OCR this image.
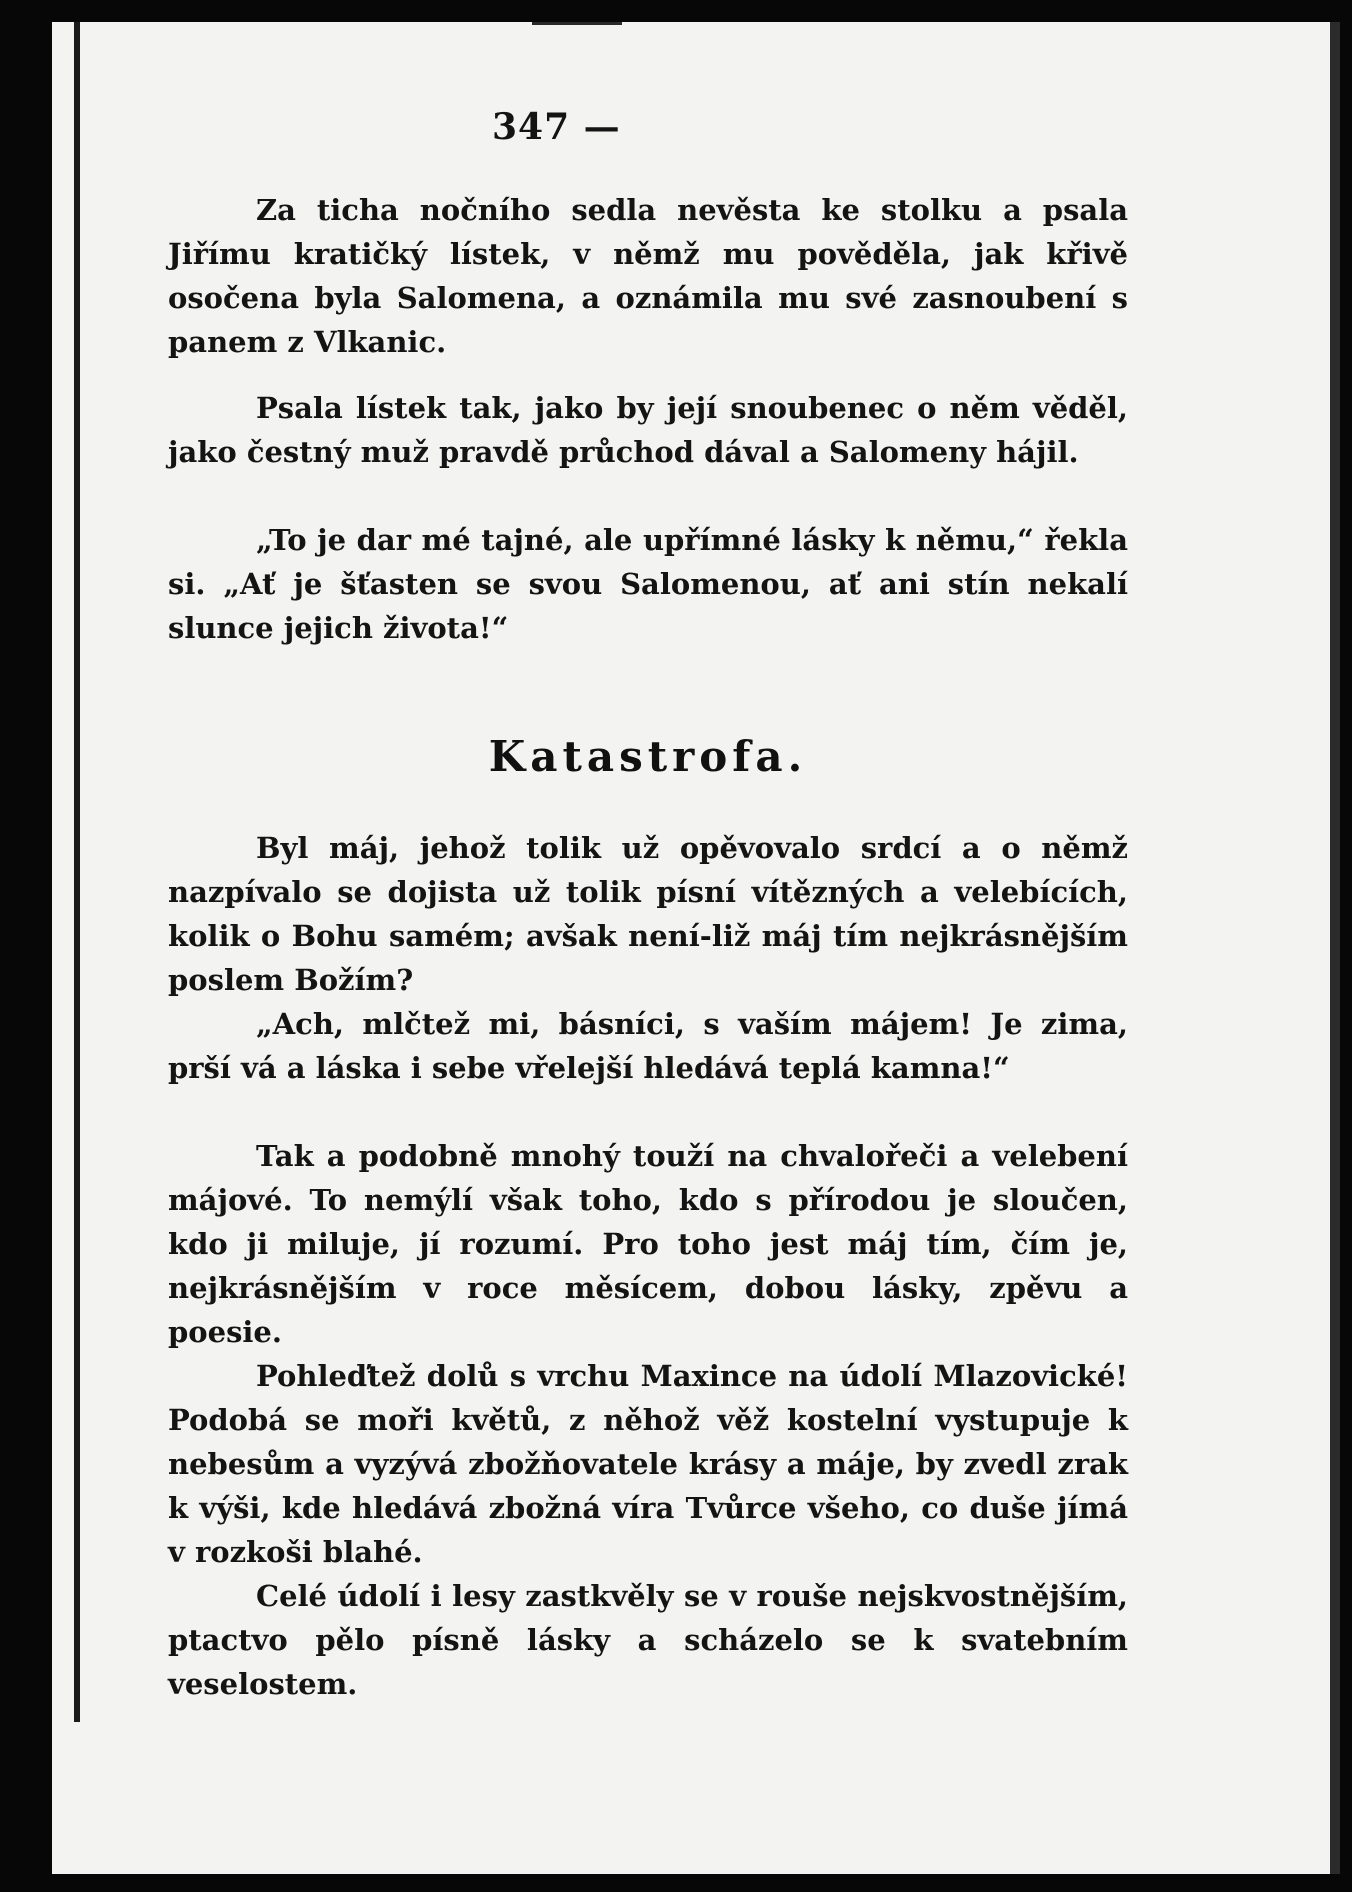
347 —

Za ticha nočního sedla nevěsta ke stolku a psala Jiřímu kratičký lístek, v němž mu pověděla, jak křivě osočena byla Salomena, a oznámila mu své zasnoubení s panem z Vlkanic.

Psala lístek tak, jako by její snoubenec o něm věděl, jako čestný muž pravdě průchod dával a Salomeny hájil.

„To je dar mé tajné, ale upřímné lásky k němu,“ řekla si. „Ať je šťasten se svou Salomenou, ať ani stín nekalí slunce jejich života!“

Katastrofa.

Byl máj, jehož tolik už opěvovalo srdcí a o němž nazpívalo se dojista už tolik písní vítězných a velebících, kolik o Bohu samém; avšak není-liž máj tím nejkrásnějším poslem Božím?

„Ach, mlčtež mi, básníci, s vaším májem! Je zima, prší vá a láska i sebe vřelejší hledává teplá kamna!“

Tak a podobně mnohý touží na chvalořeči a velebení májové. To nemýlí však toho, kdo s přírodou je sloučen, kdo ji miluje, jí rozumí. Pro toho jest máj tím, čím je, nejkrásnějším v roce měsícem, dobou lásky, zpěvu a poesie.

Pohleďtež dolů s vrchu Maxince na údolí Mlazovické! Podobá se moři květů, z něhož věž kostelní vystupuje k nebesům a vyzývá zbožňovatele krásy a máje, by zvedl zrak k výši, kde hledává zbožná víra Tvůrce všeho, co duše jímá v rozkoši blahé.

Celé údolí i lesy zastkvěly se v rouše nejskvostnějším, ptactvo pělo písně lásky a scházelo se k svatebním veselostem.
